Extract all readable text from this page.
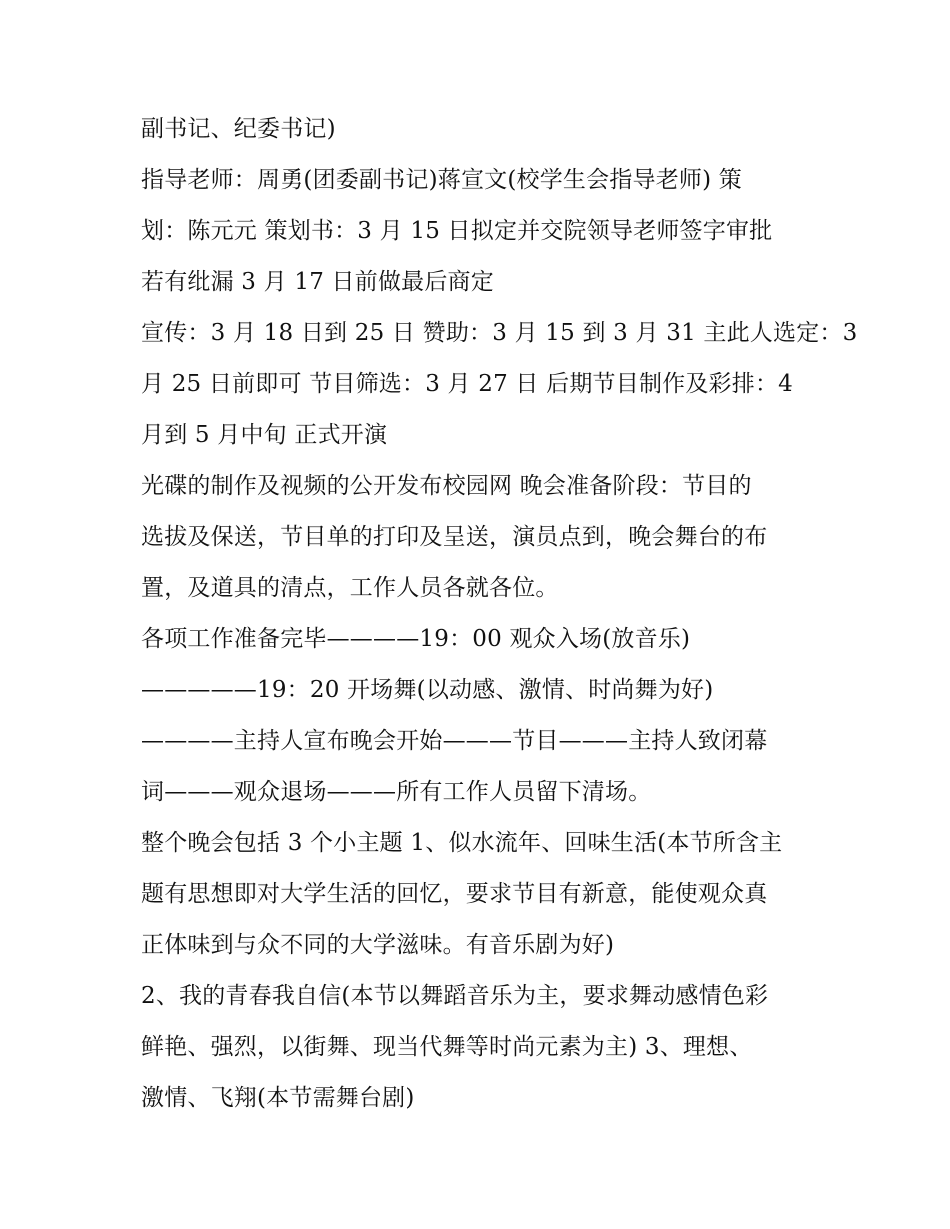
副书记、纪委书记)
指导老师：周勇(团委副书记)蒋宣文(校学生会指导老师) 策
划：陈元元 策划书：3 月 15 日拟定并交院领导老师签字审批
若有纰漏 3 月 17 日前做最后商定
宣传：3 月 18 日到 25 日 赞助：3 月 15 到 3 月 31 主此人选定：3
月 25 日前即可 节目筛选：3 月 27 日 后期节目制作及彩排：4
月到 5 月中旬 正式开演
光碟的制作及视频的公开发布校园网 晚会准备阶段：节目的
选拔及保送，节目单的打印及呈送，演员点到，晚会舞台的布
置，及道具的清点，工作人员各就各位。
各项工作准备完毕————19：00 观众入场(放音乐)
—————19：20 开场舞(以动感、激情、时尚舞为好)
————主持人宣布晚会开始———节目———主持人致闭幕
词———观众退场———所有工作人员留下清场。
整个晚会包括 3 个小主题 1、似水流年、回味生活(本节所含主
题有思想即对大学生活的回忆，要求节目有新意，能使观众真
正体味到与众不同的大学滋味。有音乐剧为好)
2、我的青春我自信(本节以舞蹈音乐为主，要求舞动感情色彩
鲜艳、强烈，以街舞、现当代舞等时尚元素为主) 3、理想、
激情、飞翔(本节需舞台剧)
